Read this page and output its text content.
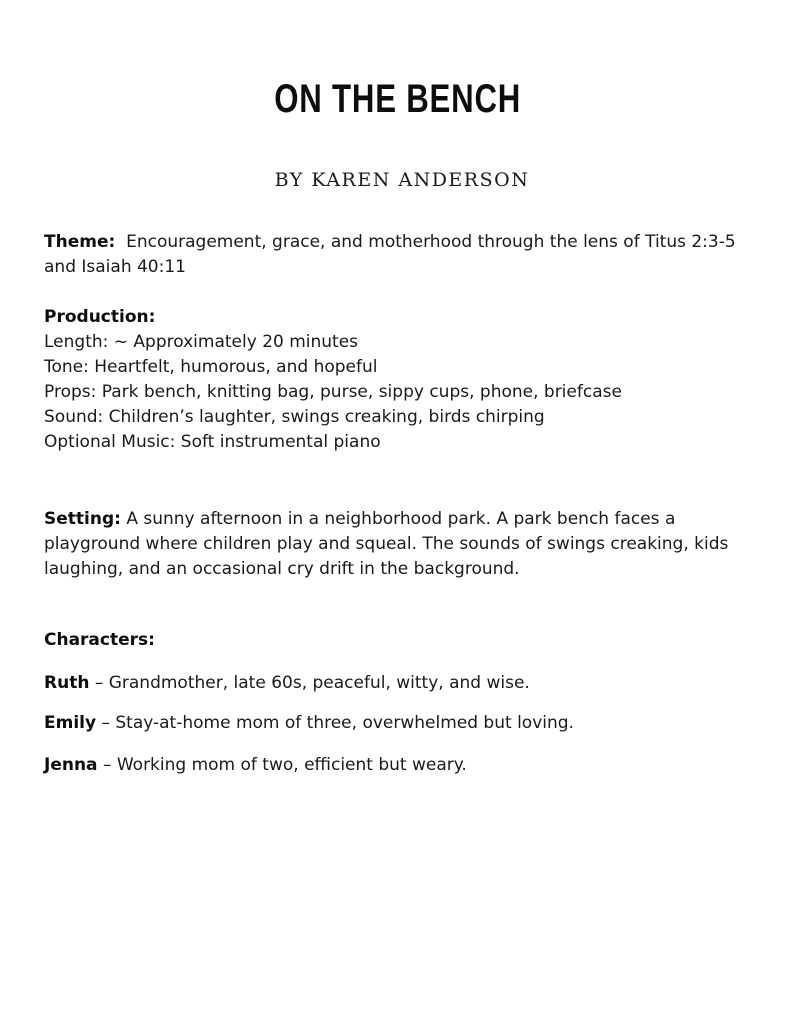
ON THE BENCH
BY KAREN ANDERSON
Theme: Encouragement, grace, and motherhood through the lens of Titus 2:3-5
and Isaiah 40:11
Production:
Length: ~ Approximately 20 minutes
Tone: Heartfelt, humorous, and hopeful
Props: Park bench, knitting bag, purse, sippy cups, phone, briefcase
Sound: Children’s laughter, swings creaking, birds chirping
Optional Music: Soft instrumental piano
Setting: A sunny afternoon in a neighborhood park. A park bench faces a
playground where children play and squeal. The sounds of swings creaking, kids
laughing, and an occasional cry drift in the background.
Characters:
Ruth – Grandmother, late 60s, peaceful, witty, and wise.
Emily – Stay-at-home mom of three, overwhelmed but loving.
Jenna – Working mom of two, efficient but weary.
